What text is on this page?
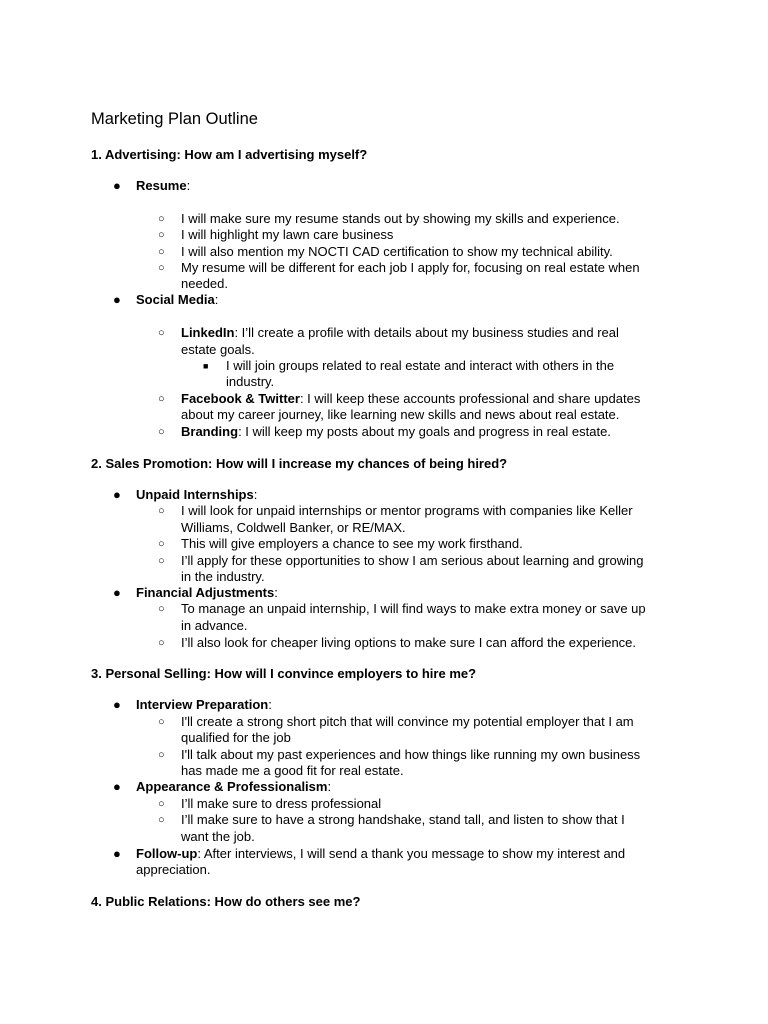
Marketing Plan Outline
1. Advertising: How am I advertising myself?
● Resume:
○ I will make sure my resume stands out by showing my skills and experience.
○ I will highlight my lawn care business
○ I will also mention my NOCTI CAD certification to show my technical ability.
○ My resume will be different for each job I apply for, focusing on real estate when
needed.
● Social Media:
○ LinkedIn: I’ll create a profile with details about my business studies and real
estate goals.
■ I will join groups related to real estate and interact with others in the
industry.
○ Facebook & Twitter: I will keep these accounts professional and share updates
about my career journey, like learning new skills and news about real estate.
○ Branding: I will keep my posts about my goals and progress in real estate.
2. Sales Promotion: How will I increase my chances of being hired?
● Unpaid Internships:
○ I will look for unpaid internships or mentor programs with companies like Keller
Williams, Coldwell Banker, or RE/MAX.
○ This will give employers a chance to see my work firsthand.
○ I’ll apply for these opportunities to show I am serious about learning and growing
in the industry.
● Financial Adjustments:
○ To manage an unpaid internship, I will find ways to make extra money or save up
in advance.
○ I’ll also look for cheaper living options to make sure I can afford the experience.
3. Personal Selling: How will I convince employers to hire me?
● Interview Preparation:
○ I'll create a strong short pitch that will convince my potential employer that I am
qualified for the job
○ I'll talk about my past experiences and how things like running my own business
has made me a good fit for real estate.
● Appearance & Professionalism:
○ I’ll make sure to dress professional
○ I’ll make sure to have a strong handshake, stand tall, and listen to show that I
want the job.
● Follow-up: After interviews, I will send a thank you message to show my interest and
appreciation.
4. Public Relations: How do others see me?
